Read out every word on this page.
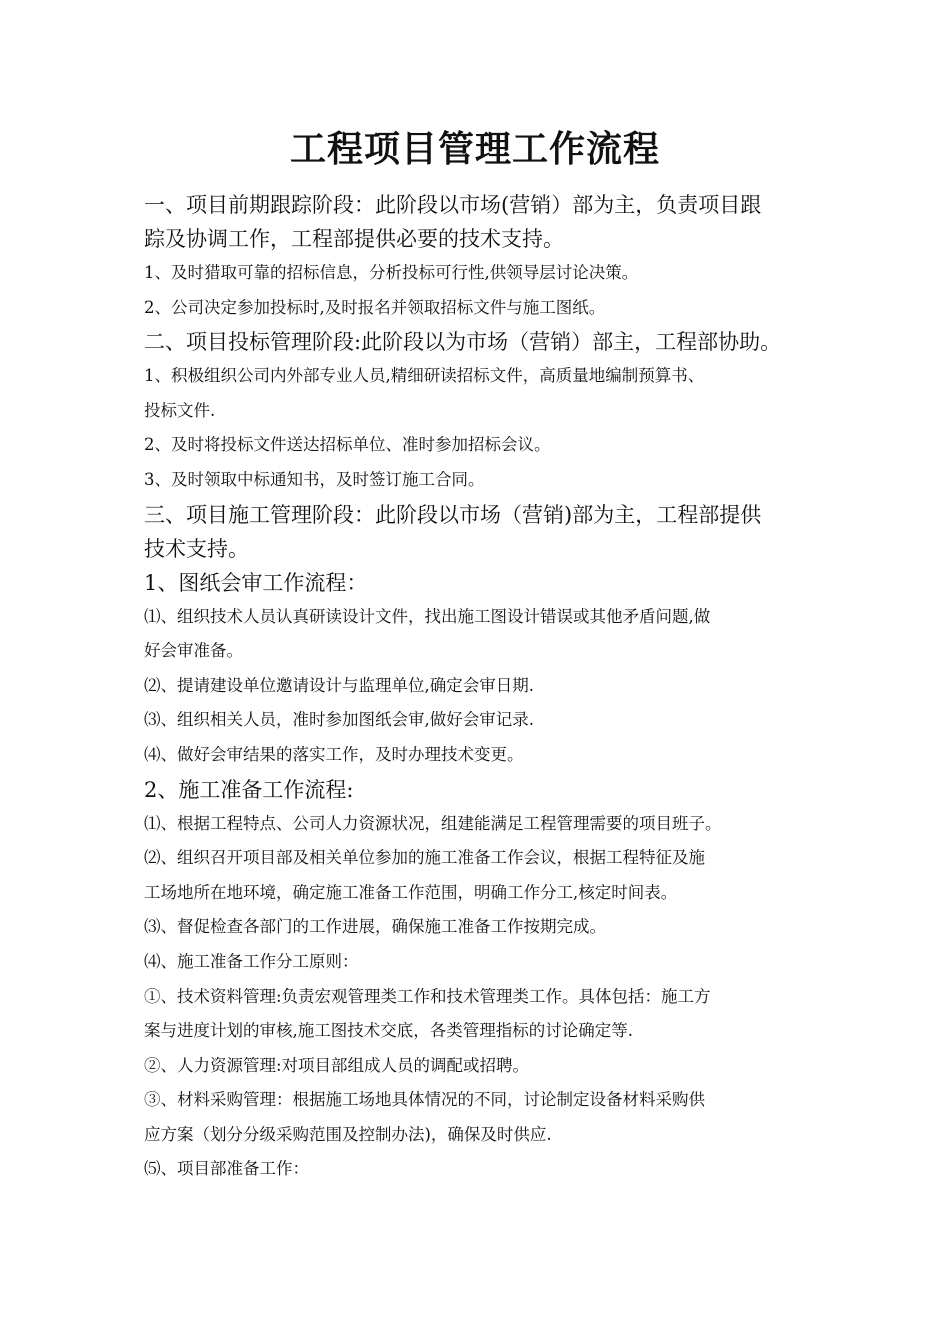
工程项目管理工作流程

一、项目前期跟踪阶段：此阶段以市场(营销）部为主，负责项目跟

踪及协调工作，工程部提供必要的技术支持。

1、及时猎取可靠的招标信息，分析投标可行性,供领导层讨论决策。

2、公司决定参加投标时,及时报名并领取招标文件与施工图纸。

二、项目投标管理阶段:此阶段以为市场（营销）部主，工程部协助。

1、积极组织公司内外部专业人员,精细研读招标文件，高质量地编制预算书、

投标文件.

2、及时将投标文件送达招标单位、准时参加招标会议。

3、及时领取中标通知书，及时签订施工合同。

三、项目施工管理阶段：此阶段以市场（营销)部为主，工程部提供

技术支持。

1、图纸会审工作流程：

⑴、组织技术人员认真研读设计文件，找出施工图设计错误或其他矛盾问题,做

好会审准备。

⑵、提请建设单位邀请设计与监理单位,确定会审日期.

⑶、组织相关人员，准时参加图纸会审,做好会审记录.

⑷、做好会审结果的落实工作，及时办理技术变更。

2、施工准备工作流程:

⑴、根据工程特点、公司人力资源状况，组建能满足工程管理需要的项目班子。

⑵、组织召开项目部及相关单位参加的施工准备工作会议，根据工程特征及施

工场地所在地环境，确定施工准备工作范围，明确工作分工,核定时间表。

⑶、督促检查各部门的工作进展，确保施工准备工作按期完成。

⑷、施工准备工作分工原则：

①、技术资料管理:负责宏观管理类工作和技术管理类工作。具体包括：施工方

案与进度计划的审核,施工图技术交底，各类管理指标的讨论确定等.

②、人力资源管理:对项目部组成人员的调配或招聘。

③、材料采购管理：根据施工场地具体情况的不同，讨论制定设备材料采购供

应方案（划分分级采购范围及控制办法)，确保及时供应.

⑸、项目部准备工作：
